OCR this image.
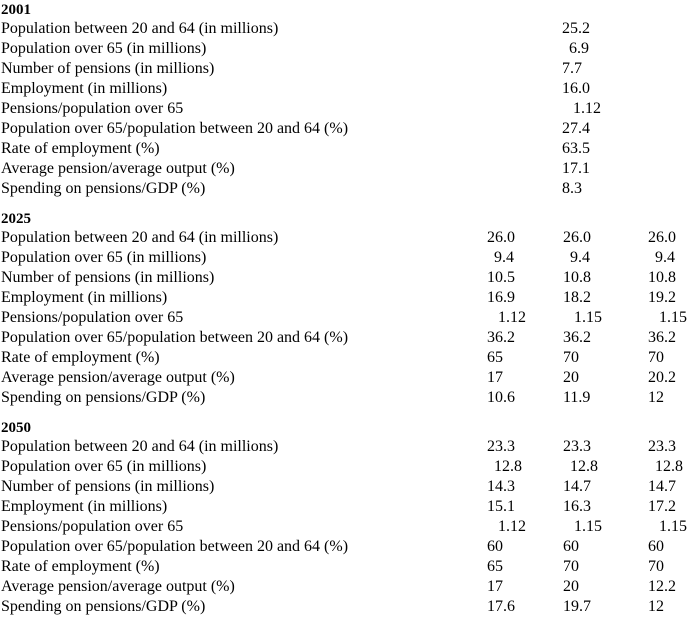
2001
Population between 20 and 64 (in millions)	25.2
Population over 65 (in millions)	6.9
Number of pensions (in millions)	7.7
Employment (in millions)	16.0
Pensions/population over 65	1.12
Population over 65/population between 20 and 64 (%)	27.4
Rate of employment (%)	63.5
Average pension/average output (%)	17.1
Spending on pensions/GDP (%)	8.3
2025
Population between 20 and 64 (in millions)	26.0	26.0	26.0
Population over 65 (in millions)	9.4	9.4	9.4
Number of pensions (in millions)	10.5	10.8	10.8
Employment (in millions)	16.9	18.2	19.2
Pensions/population over 65	1.12	1.15	1.15
Population over 65/population between 20 and 64 (%)	36.2	36.2	36.2
Rate of employment (%)	65	70	70
Average pension/average output (%)	17	20	20.2
Spending on pensions/GDP (%)	10.6	11.9	12
2050
Population between 20 and 64 (in millions)	23.3	23.3	23.3
Population over 65 (in millions)	12.8	12.8	12.8
Number of pensions (in millions)	14.3	14.7	14.7
Employment (in millions)	15.1	16.3	17.2
Pensions/population over 65	1.12	1.15	1.15
Population over 65/population between 20 and 64 (%)	60	60	60
Rate of employment (%)	65	70	70
Average pension/average output (%)	17	20	12.2
Spending on pensions/GDP (%)	17.6	19.7	12
